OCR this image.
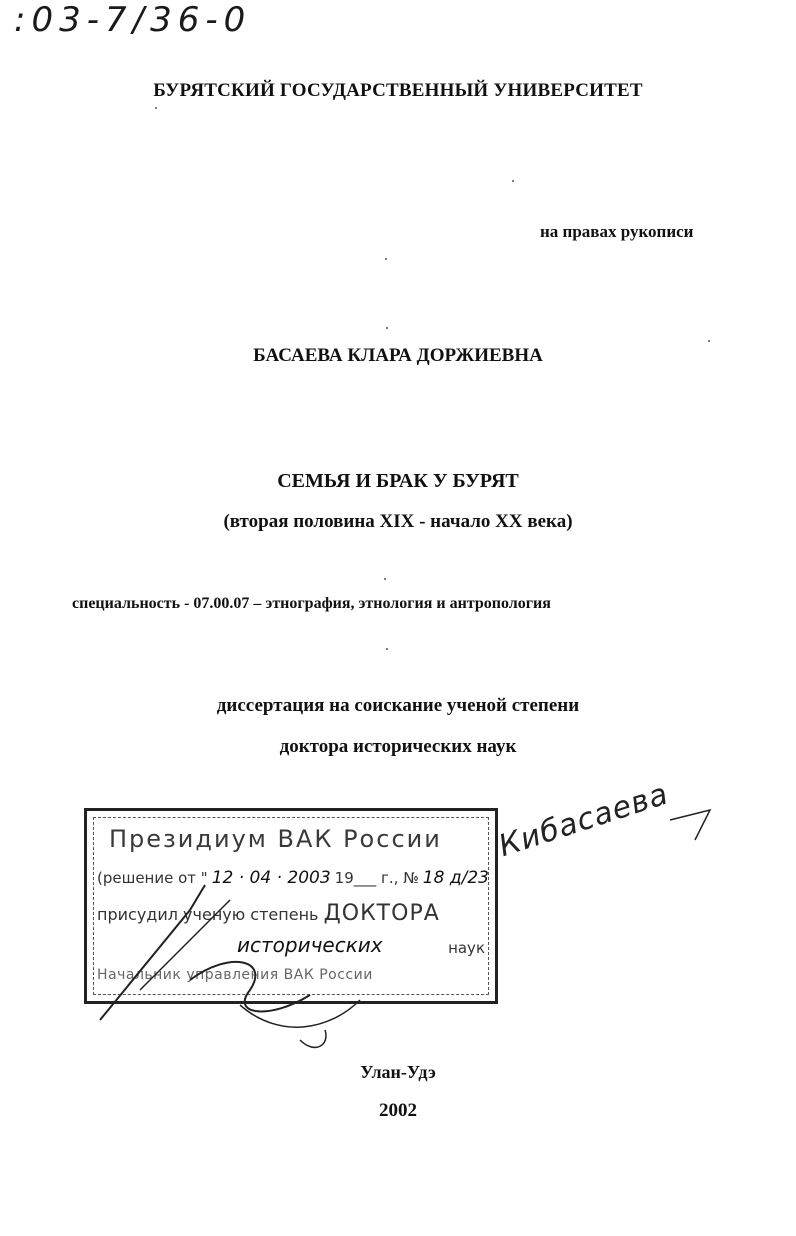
:03-7/36-0
БУРЯТСКИЙ ГОСУДАРСТВЕННЫЙ УНИВЕРСИТЕТ
на правах рукописи
БАСАЕВА КЛАРА ДОРЖИЕВНА
СЕМЬЯ И БРАК У БУРЯТ
(вторая половина XIX - начало XX века)
специальность - 07.00.07 – этнография, этнология и антропология
диссертация на соискание ученой степени
доктора исторических наук
Президиум ВАК России
(решение от " 12 · 04 · 2003 19___ г., № 18 д/23
присудил ученую степень ДОКТОРА
исторических	наук
Начальник управления ВАК России
Кибасаева
Улан-Удэ
2002
